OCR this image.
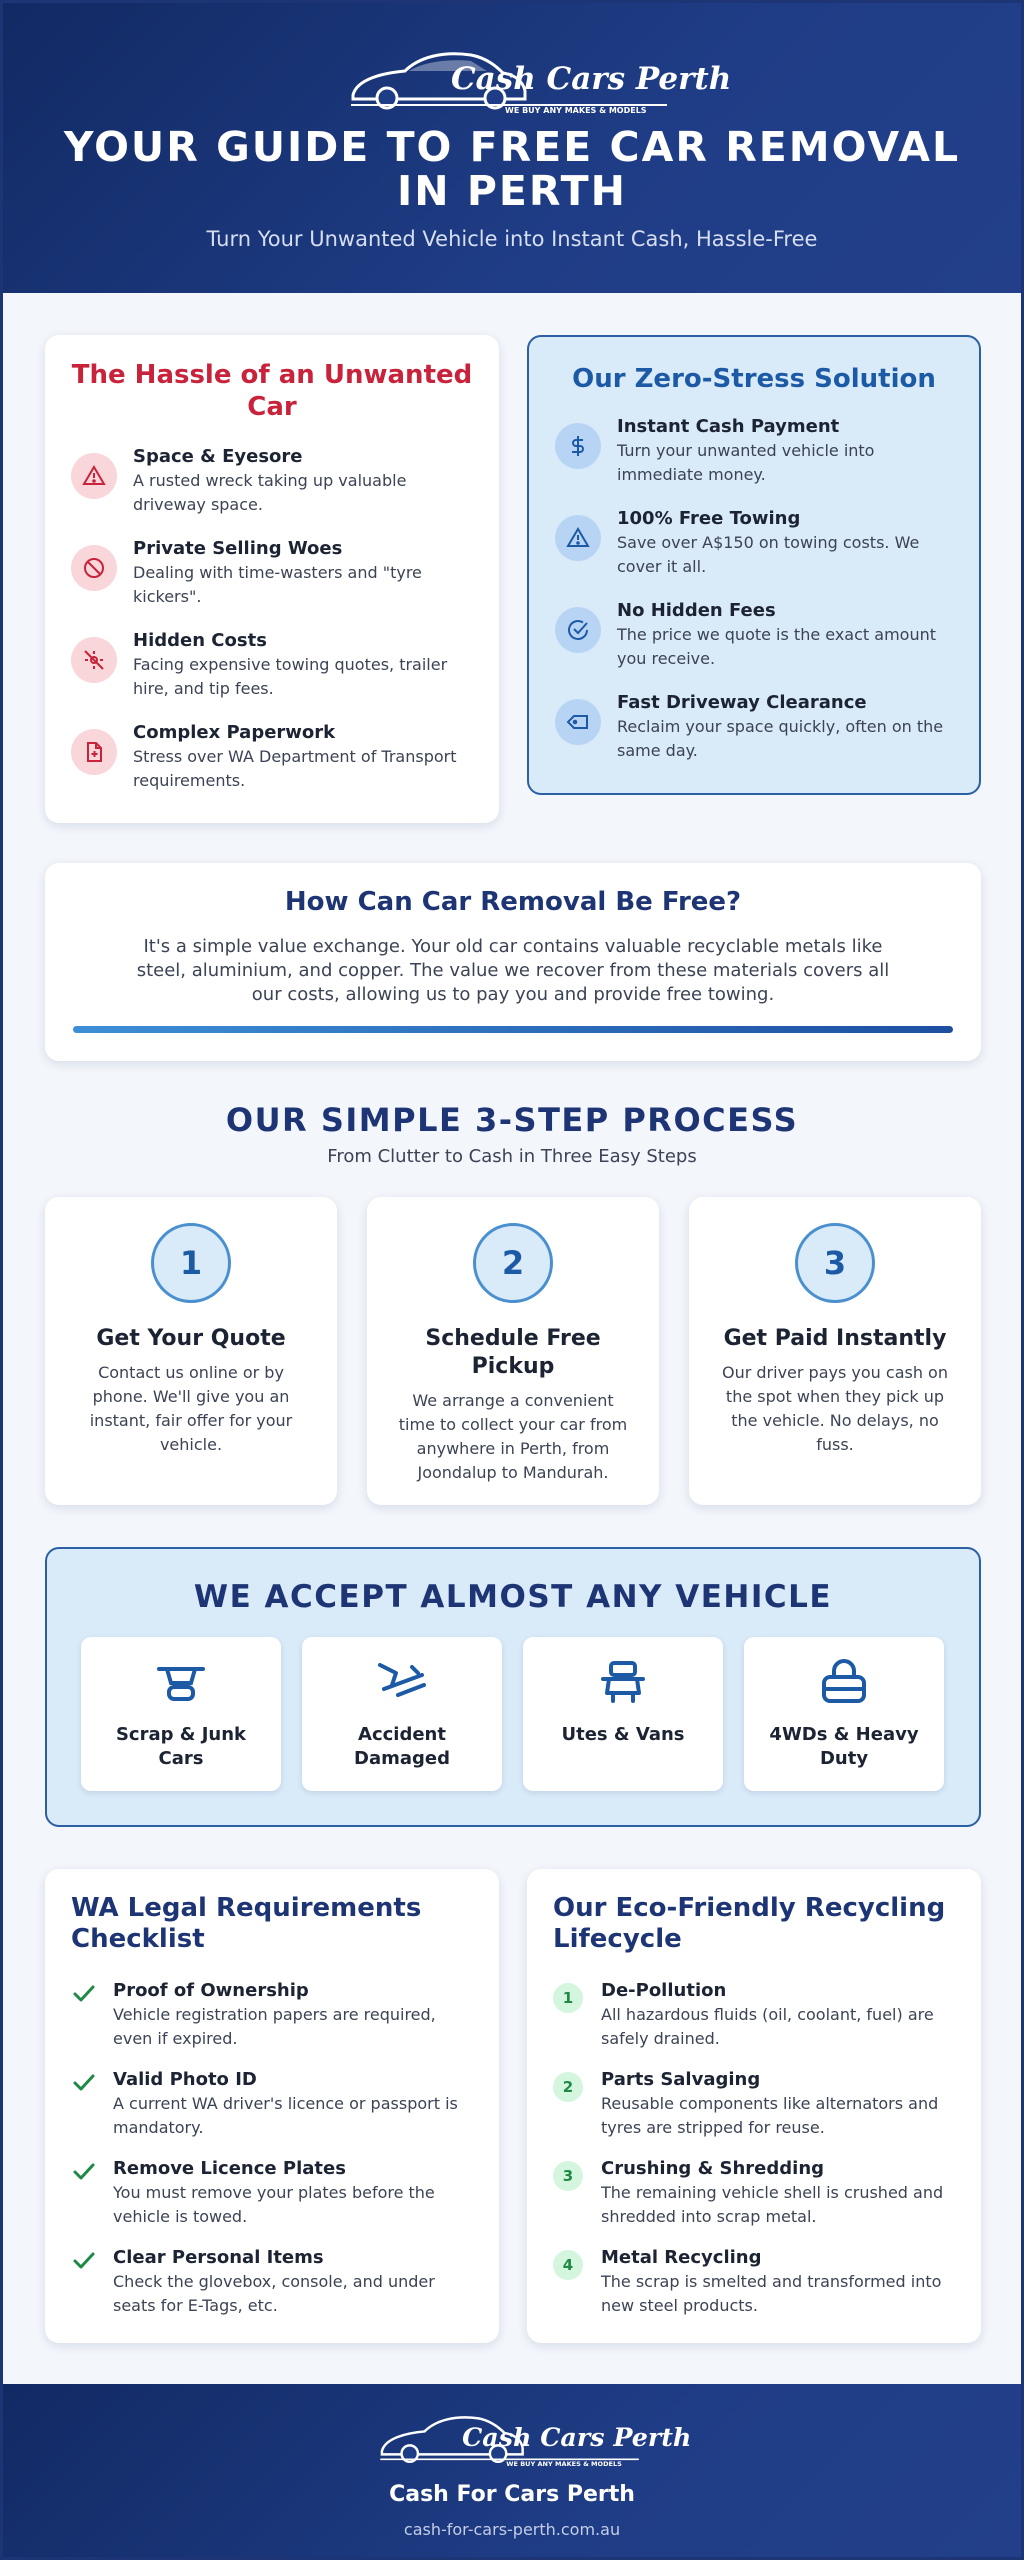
Cash Cars Perth
WE BUY ANY MAKES & MODELS
YOUR GUIDE TO FREE CAR REMOVAL IN PERTH
Turn Your Unwanted Vehicle into Instant Cash, Hassle-Free
The Hassle of an Unwanted Car
Space & Eyesore
A rusted wreck taking up valuable driveway space.
Private Selling Woes
Dealing with time-wasters and "tyre kickers".
Hidden Costs
Facing expensive towing quotes, trailer hire, and tip fees.
Complex Paperwork
Stress over WA Department of Transport requirements.
Our Zero-Stress Solution
Instant Cash Payment
Turn your unwanted vehicle into immediate money.
100% Free Towing
Save over A$150 on towing costs. We cover it all.
No Hidden Fees
The price we quote is the exact amount you receive.
Fast Driveway Clearance
Reclaim your space quickly, often on the same day.
How Can Car Removal Be Free?

It's a simple value exchange. Your old car contains valuable recyclable metals like steel, aluminium, and copper. The value we recover from these materials covers all our costs, allowing us to pay you and provide free towing.

OUR SIMPLE 3-STEP PROCESS
From Clutter to Cash in Three Easy Steps
1
Get Your Quote
Contact us online or by phone. We'll give you an instant, fair offer for your vehicle.
2
Schedule Free Pickup
We arrange a convenient time to collect your car from anywhere in Perth, from Joondalup to Mandurah.
3
Get Paid Instantly
Our driver pays you cash on the spot when they pick up the vehicle. No delays, no fuss.
WE ACCEPT ALMOST ANY VEHICLE
Scrap & Junk Cars
Accident Damaged
Utes & Vans	4WDs & Heavy Duty
WA Legal Requirements Checklist
Proof of Ownership
Vehicle registration papers are required, even if expired.
Valid Photo ID
A current WA driver's licence or passport is mandatory.
Remove Licence Plates
You must remove your plates before the vehicle is towed.
Clear Personal Items
Check the glovebox, console, and under seats for E-Tags, etc.
Our Eco-Friendly Recycling Lifecycle
1	De-Pollution
All hazardous fluids (oil, coolant, fuel) are safely drained.
2	Parts Salvaging
Reusable components like alternators and tyres are stripped for reuse.
3	Crushing & Shredding
The remaining vehicle shell is crushed and shredded into scrap metal.
4	Metal Recycling
The scrap is smelted and transformed into new steel products.
Cash Cars Perth
WE BUY ANY MAKES & MODELS
Cash For Cars Perth
cash-for-cars-perth.com.au
